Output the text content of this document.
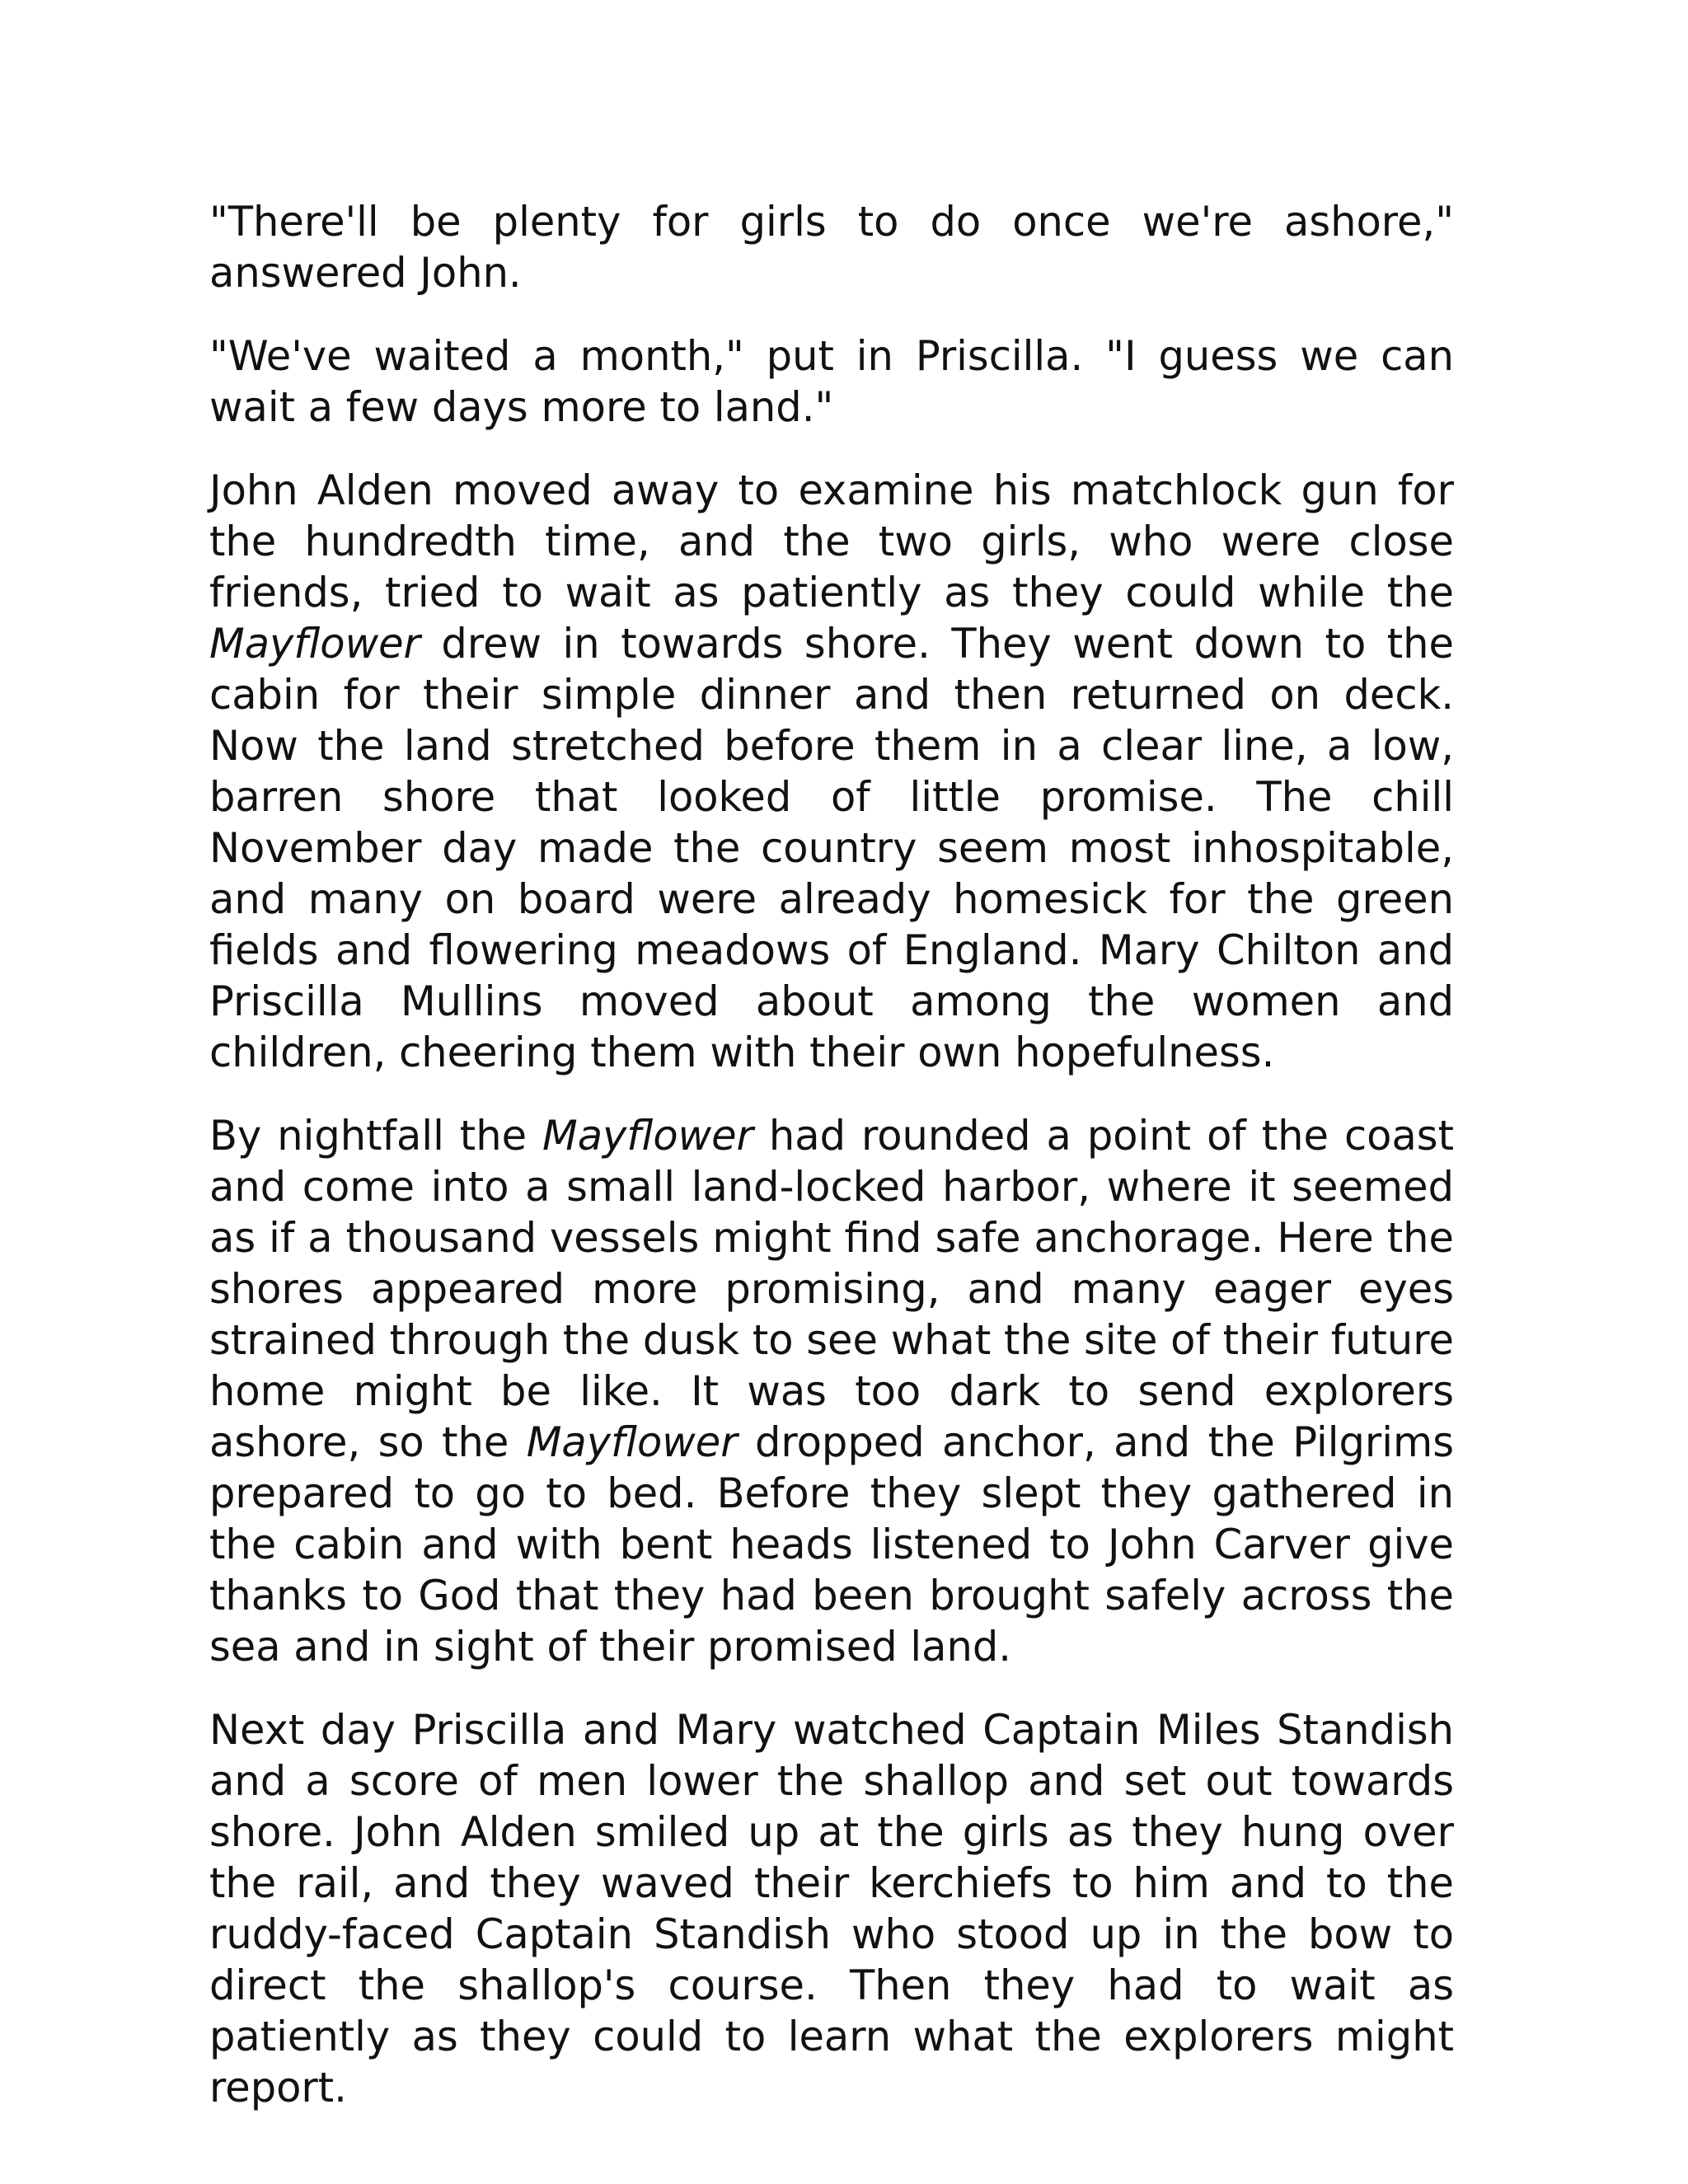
"There'll be plenty for girls to do once we're ashore," answered John.

"We've waited a month," put in Priscilla. "I guess we can wait a few days more to land."

John Alden moved away to examine his matchlock gun for the hundredth time, and the two girls, who were close friends, tried to wait as patiently as they could while the Mayflower drew in towards shore. They went down to the cabin for their simple dinner and then returned on deck. Now the land stretched before them in a clear line, a low, barren shore that looked of little promise. The chill November day made the country seem most inhospitable, and many on board were already homesick for the green fields and flowering meadows of England. Mary Chilton and Priscilla Mullins moved about among the women and children, cheering them with their own hopefulness.

By nightfall the Mayflower had rounded a point of the coast and come into a small land-locked harbor, where it seemed as if a thousand vessels might find safe anchorage. Here the shores appeared more promising, and many eager eyes strained through the dusk to see what the site of their future home might be like. It was too dark to send explorers ashore, so the Mayflower dropped anchor, and the Pilgrims prepared to go to bed. Before they slept they gathered in the cabin and with bent heads listened to John Carver give thanks to God that they had been brought safely across the sea and in sight of their promised land.

Next day Priscilla and Mary watched Captain Miles Standish and a score of men lower the shallop and set out towards shore. John Alden smiled up at the girls as they hung over the rail, and they waved their kerchiefs to him and to the ruddy-faced Captain Standish who stood up in the bow to direct the shallop's course. Then they had to wait as patiently as they could to learn what the explorers might report.
